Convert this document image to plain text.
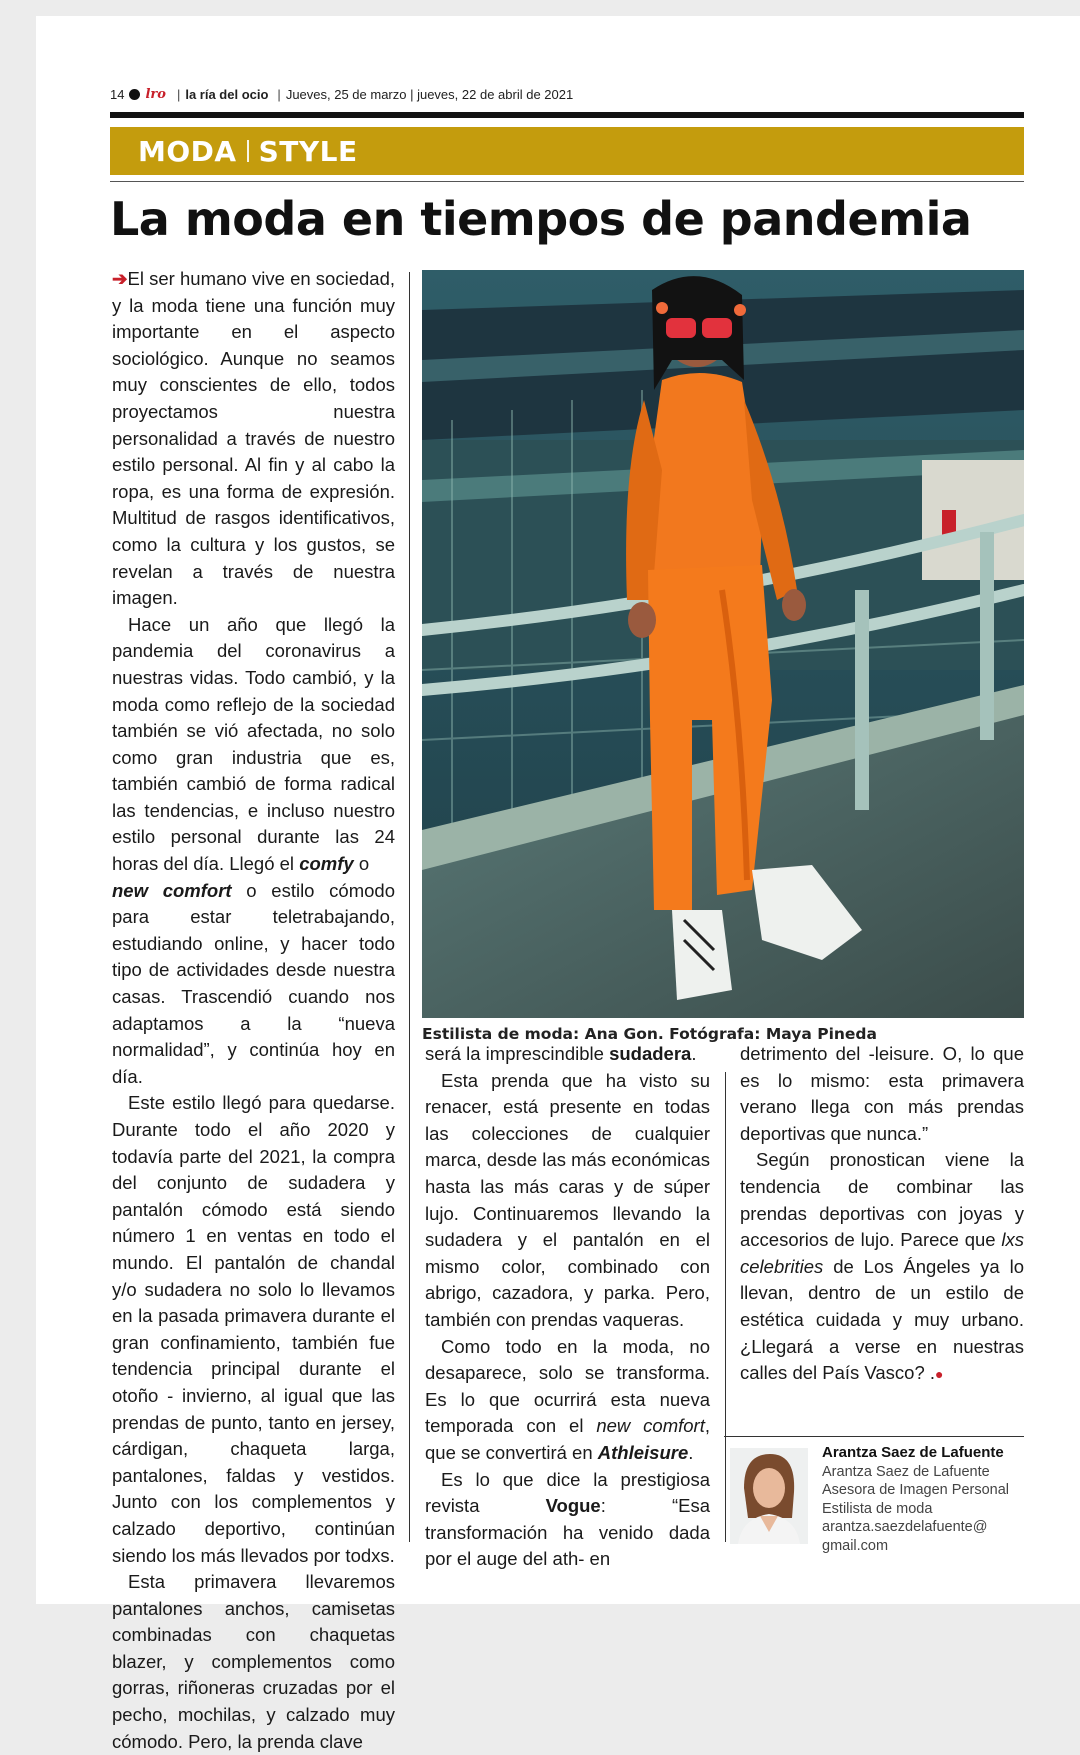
14 lro | la ría del ocio | Jueves, 25 de marzo | jueves, 22 de abril de 2021
MODA STYLE
La moda en tiempos de pandemia

➔El ser humano vive en sociedad, y la moda tiene una función muy importante en el aspecto sociológico. Aunque no seamos muy conscientes de ello, todos proyectamos nuestra personalidad a través de nuestro estilo personal. Al fin y al cabo la ropa, es una forma de expresión. Multitud de rasgos identificativos, como la cultura y los gustos, se revelan a través de nuestra imagen.

Hace un año que llegó la pandemia del coronavirus a nuestras vidas. Todo cambió, y la moda como reflejo de la sociedad también se vió afectada, no solo como gran industria que es, también cambió de forma radical las tendencias, e incluso nuestro estilo personal durante las 24 horas del día. Llegó el comfy o
new comfort o estilo cómodo para estar teletrabajando, estudiando online, y hacer todo tipo de actividades desde nuestra casas. Trascendió cuando nos adaptamos a la “nueva normalidad”, y continúa hoy en día.

Este estilo llegó para quedarse. Durante todo el año 2020 y todavía parte del 2021, la compra del conjunto de sudadera y pantalón cómodo está siendo número 1 en ventas en todo el mundo. El pantalón de chandal y/o sudadera no solo lo llevamos en la pasada primavera durante el gran confinamiento, también fue tendencia principal durante el otoño - invierno, al igual que las prendas de punto, tanto en jersey, cárdigan, chaqueta larga, pantalones, faldas y vestidos. Junto con los complementos y calzado deportivo, continúan siendo los más llevados por todxs.

Esta primavera llevaremos pantalones anchos, camisetas combinadas con chaquetas blazer, y complementos como gorras, riñoneras cruzadas por el pecho, mochilas, y calzado muy cómodo. Pero, la prenda clave

Estilista de moda: Ana Gon. Fotógrafa: Maya Pineda

será la imprescindible sudadera.

Esta prenda que ha visto su renacer, está presente en todas las colecciones de cualquier marca, desde las más económicas hasta las más caras y de súper lujo. Continuaremos llevando la sudadera y el pantalón en el mismo color, combinado con abrigo, cazadora, y parka. Pero, también con prendas vaqueras.

Como todo en la moda, no desaparece, solo se transforma. Es lo que ocurrirá esta nueva temporada con el new comfort, que se convertirá en Athleisure.

Es lo que dice la prestigiosa revista Vogue: “Esa transformación ha venido dada por el auge del ath- en

detrimento del -leisure. O, lo que es lo mismo: esta primavera verano llega con más prendas deportivas que nunca.”

Según pronostican viene la tendencia de combinar las prendas deportivas con joyas y accesorios de lujo. Parece que lxs celebrities de Los Ángeles ya lo llevan, dentro de un estilo de estética cuidada y muy urbano. ¿Llegará a verse en nuestras calles del País Vasco? .●

Arantza Saez de Lafuente
Arantza Saez de Lafuente
Asesora de Imagen Personal
Estilista de moda
arantza.saezdelafuente@
gmail.com
